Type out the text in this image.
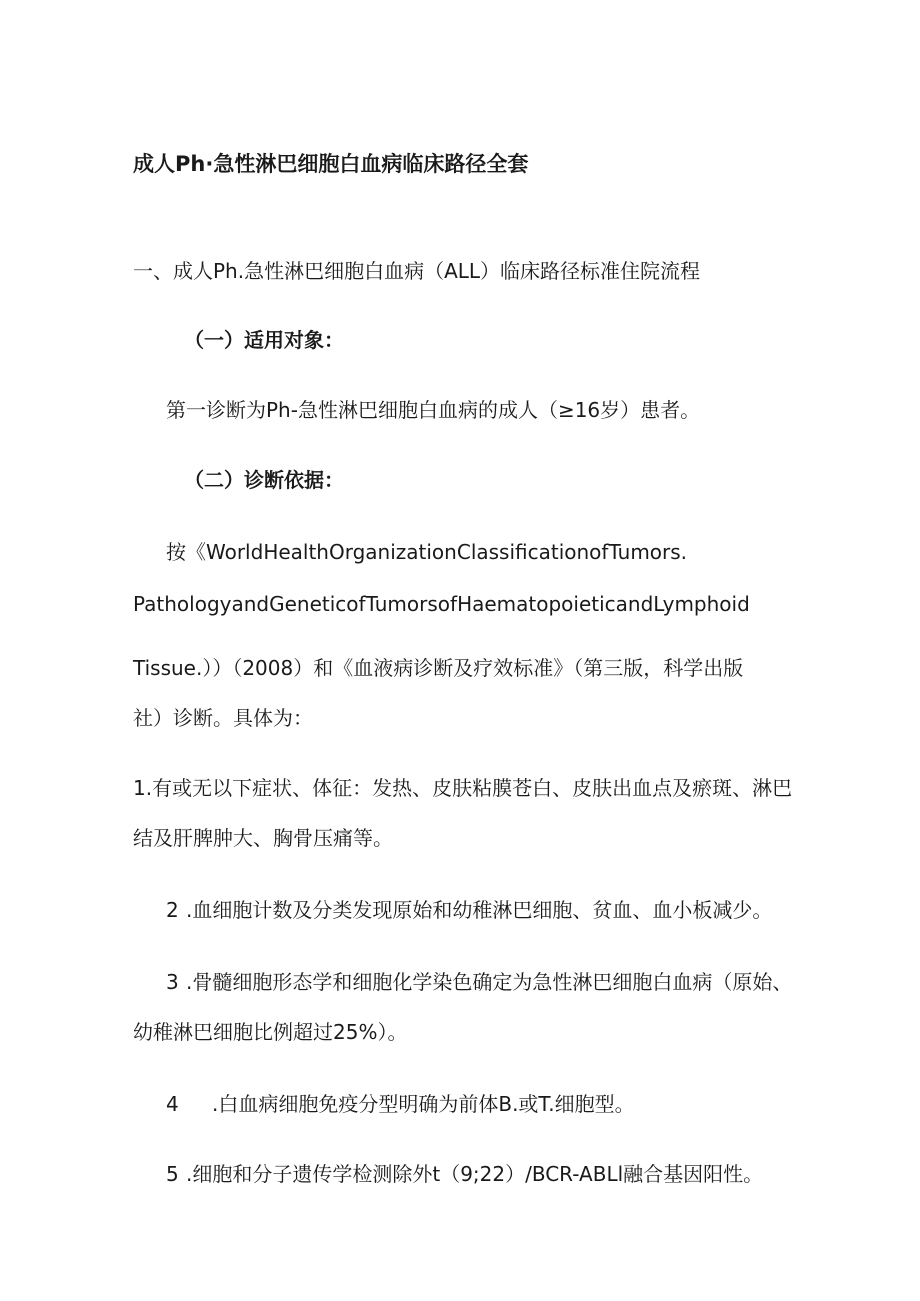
成人Ph·急性淋巴细胞白血病临床路径全套
一、成人Ph.急性淋巴细胞白血病（ALL）临床路径标准住院流程
（一）适用对象：
第一诊断为Ph-急性淋巴细胞白血病的成人（≥16岁）患者。
（二）诊断依据：
按《WorldHealthOrganizationClassificationofTumors.
PathologyandGeneticofTumorsofHaematopoieticandLymphoid
Tissue.））（2008）和《血液病诊断及疗效标准》（第三版，科学出版
社）诊断。具体为：
1.有或无以下症状、体征：发热、皮肤粘膜苍白、皮肤出血点及瘀斑、淋巴
结及肝脾肿大、胸骨压痛等。
2 .血细胞计数及分类发现原始和幼稚淋巴细胞、贫血、血小板减少。
3 .骨髓细胞形态学和细胞化学染色确定为急性淋巴细胞白血病（原始、
幼稚淋巴细胞比例超过25%）。
4 .白血病细胞免疫分型明确为前体B.或T.细胞型。
5 .细胞和分子遗传学检测除外t（9;22）/BCR-ABLl融合基因阳性。
